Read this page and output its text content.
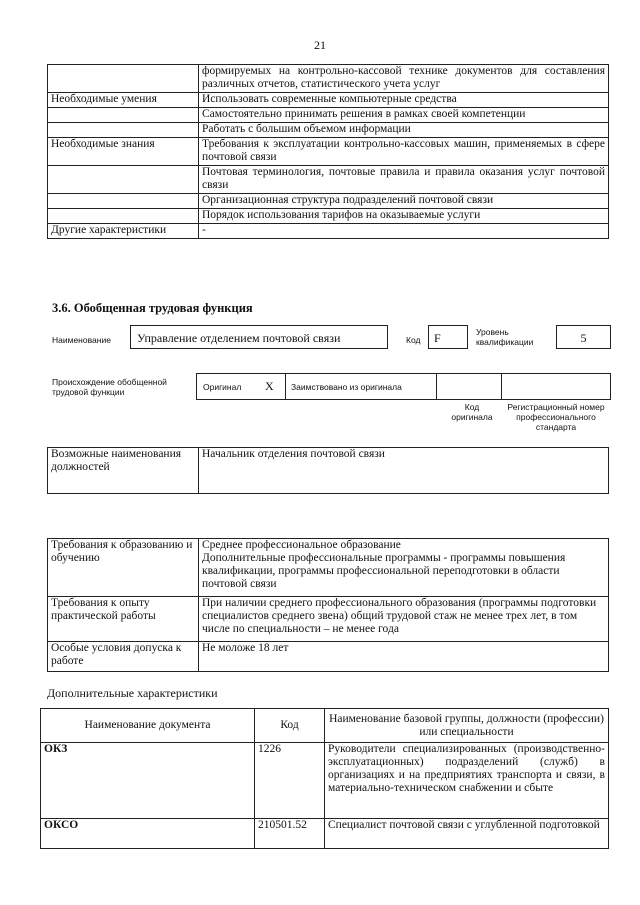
21
	формируемых на контрольно-кассовой технике документов для составления различных отчетов, статистического учета услуг
Необходимые умения	Использовать современные компьютерные средства
	Самостоятельно принимать решения в рамках своей компетенции
	Работать с большим объемом информации
Необходимые знания	Требования к эксплуатации контрольно-кассовых машин, применяемых в сфере почтовой связи
	Почтовая терминология, почтовые правила и правила оказания услуг почтовой связи
	Организационная структура подразделений почтовой связи
	Порядок использования тарифов на оказываемые услуги
Другие характеристики	-
3.6. Обобщенная трудовая функция
Наименование	Управление отделением почтовой связи	Код	F	Уровень квалификации	5
Происхождение обобщенной трудовой функции	Оригинал X Заимствовано из оригинала
Код оригинала
Регистрационный номер профессионального стандарта
Возможные наименования должностей	Начальник отделения почтовой связи
Требования к образованию и обучению	Среднее профессиональное образование
Дополнительные профессиональные программы - программы повышения квалификации, программы профессиональной переподготовки в области почтовой связи

Требования к опыту практической работы	При наличии среднего профессионального образования (программы подготовки специалистов среднего звена) общий трудовой стаж не менее трех лет, в том числе по специальности – не менее года

Особые условия допуска к работе	Не моложе 18 лет
Дополнительные характеристики
Наименование документа	Код	Наименование базовой группы, должности (профессии) или специальности
ОКЗ	1226	Руководители специализированных (производственно-эксплуатационных) подразделений (служб) в организациях и на предприятиях транспорта и связи, в материально-техническом снабжении и сбыте
ОКСО	210501.52	Специалист почтовой связи с углубленной подготовкой
